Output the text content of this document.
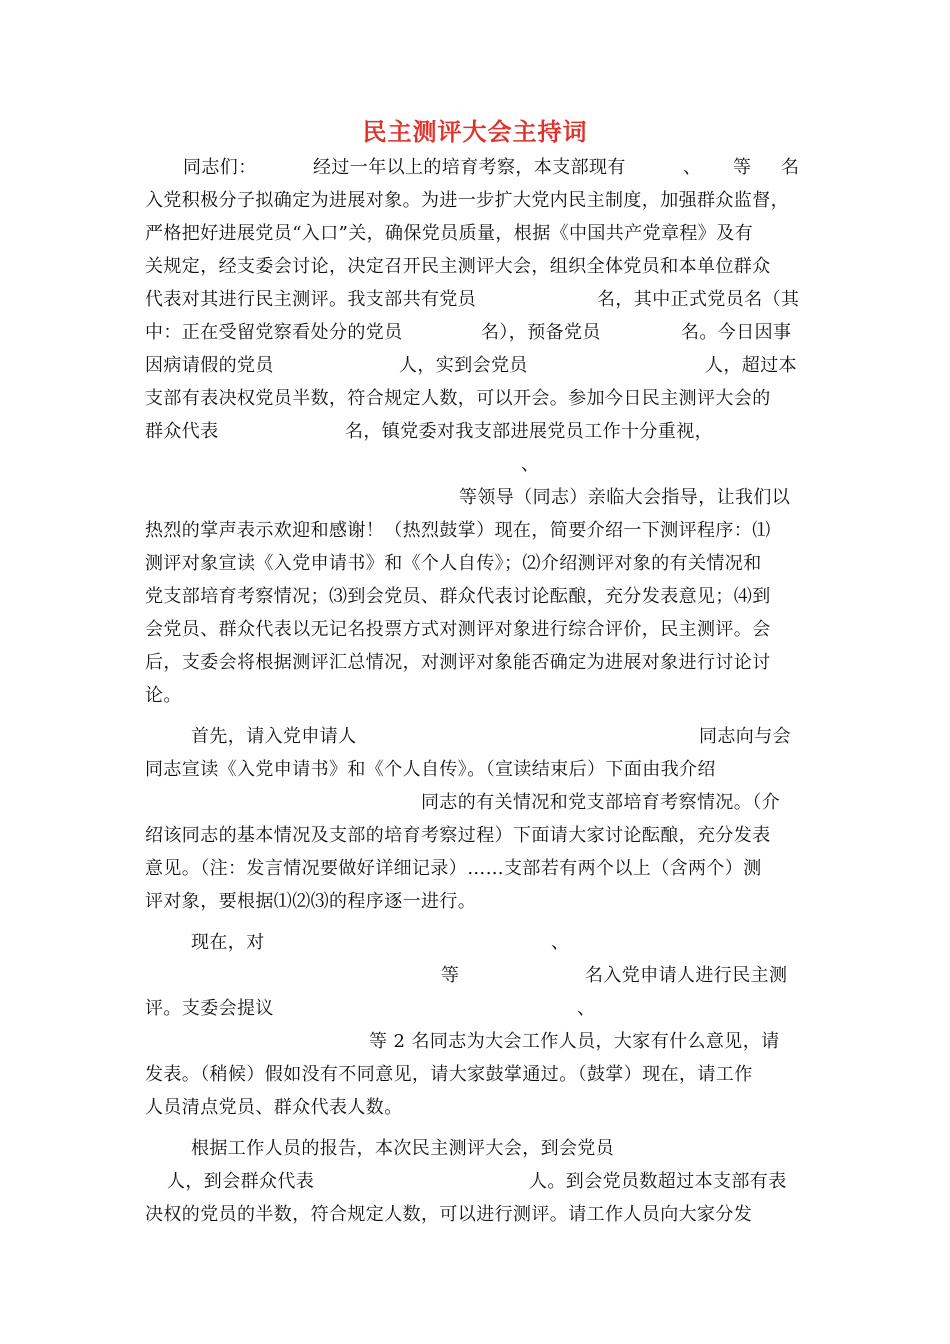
民主测评大会主持词
同志们：	经过一年以上的培育考察，本支部现有	、 等 名
入党积极分子拟确定为进展对象。为进一步扩大党内民主制度，加强群众监督，
严格把好进展党员“入口”关，确保党员质量，根据《中国共产党章程》及有
关规定，经支委会讨论，决定召开民主测评大会，组织全体党员和本单位群众
代表对其进行民主测评。我支部共有党员	名，其中正式党员名（其
中：正在受留党察看处分的党员	名），预备党员	名。今日因事
因病请假的党员	人，实到会党员	人，超过本
支部有表决权党员半数，符合规定人数，可以开会。参加今日民主测评大会的
群众代表	名，镇党委对我支部进展党员工作十分重视，
、
等领导（同志）亲临大会指导，让我们以
热烈的掌声表示欢迎和感谢！（热烈鼓掌）现在，简要介绍一下测评程序：⑴
测评对象宣读《入党申请书》和《个人自传》；⑵介绍测评对象的有关情况和
党支部培育考察情况；⑶到会党员、群众代表讨论酝酿，充分发表意见；⑷到
会党员、群众代表以无记名投票方式对测评对象进行综合评价，民主测评。会
后，支委会将根据测评汇总情况，对测评对象能否确定为进展对象进行讨论讨
论。
首先，请入党申请人	同志向与会
同志宣读《入党申请书》和《个人自传》。（宣读结束后）下面由我介绍
同志的有关情况和党支部培育考察情况。（介
绍该同志的基本情况及支部的培育考察过程）下面请大家讨论酝酿，充分发表
意见。（注：发言情况要做好详细记录）……支部若有两个以上（含两个）测
评对象，要根据⑴⑵⑶的程序逐一进行。
现在，对	、
等	名入党申请人进行民主测
评。支委会提议	、
等 2 名同志为大会工作人员，大家有什么意见，请
发表。（稍候）假如没有不同意见，请大家鼓掌通过。（鼓掌）现在，请工作
人员清点党员、群众代表人数。
根据工作人员的报告，本次民主测评大会，到会党员
人，到会群众代表	人。到会党员数超过本支部有表
决权的党员的半数，符合规定人数，可以进行测评。请工作人员向大家分发
